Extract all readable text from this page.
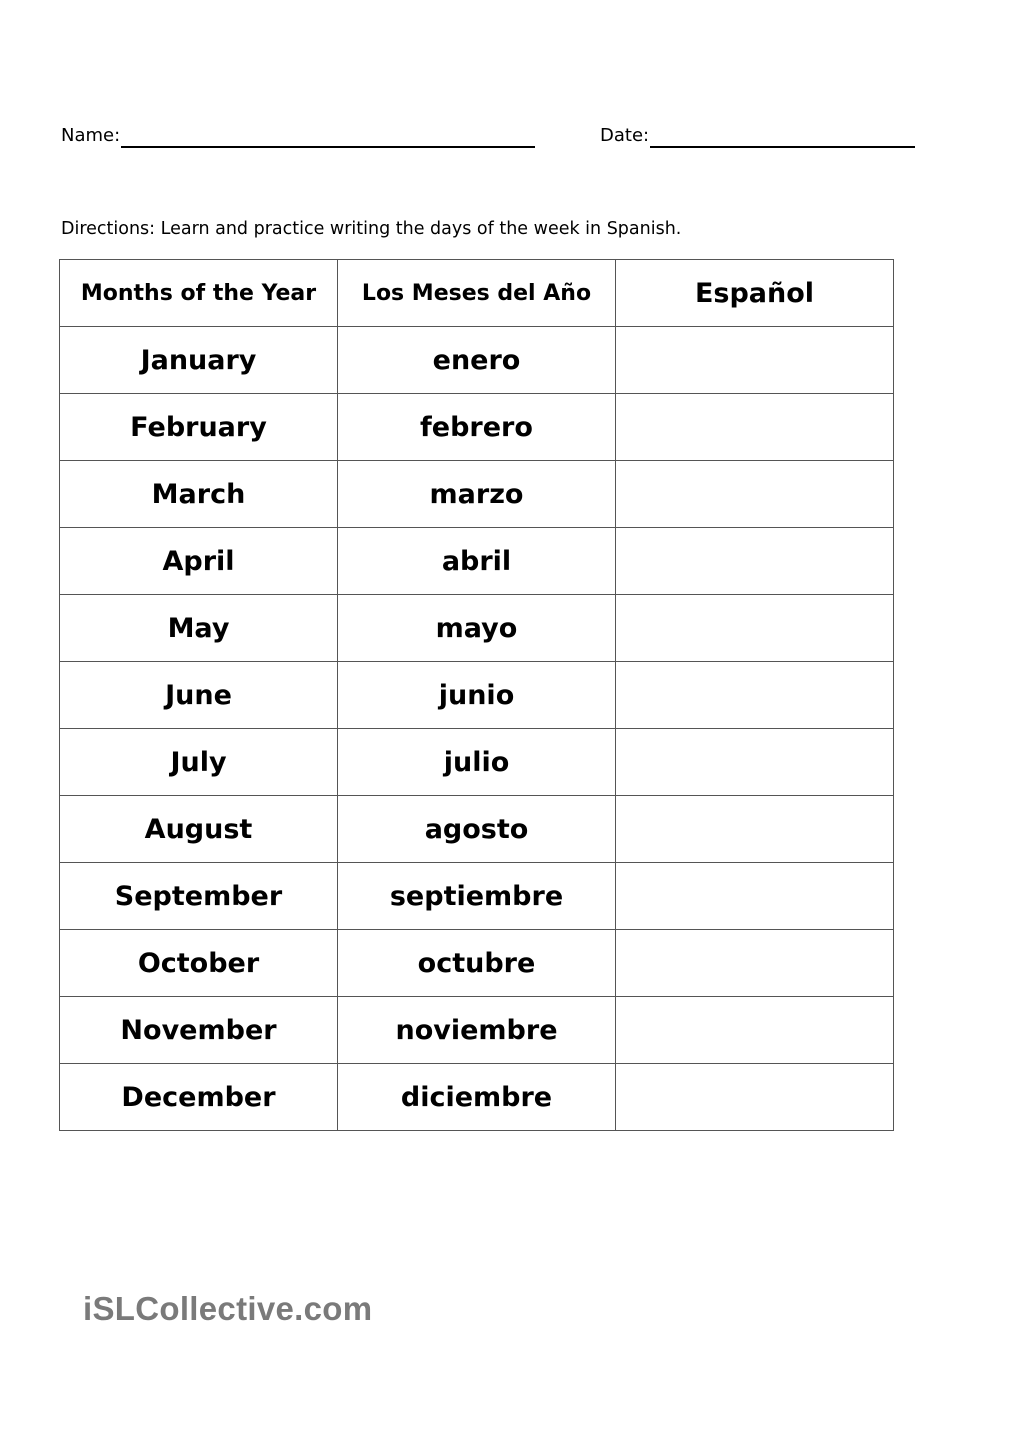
Name:	Date:
Directions: Learn and practice writing the days of the week in Spanish.
Months of the Year	Los Meses del Año	Español
January	enero	
February	febrero	
March	marzo	
April	abril	
May	mayo	
June	junio	
July	julio	
August	agosto	
September	septiembre	
October	octubre	
November	noviembre	
December	diciembre	
iSLCollective.com
